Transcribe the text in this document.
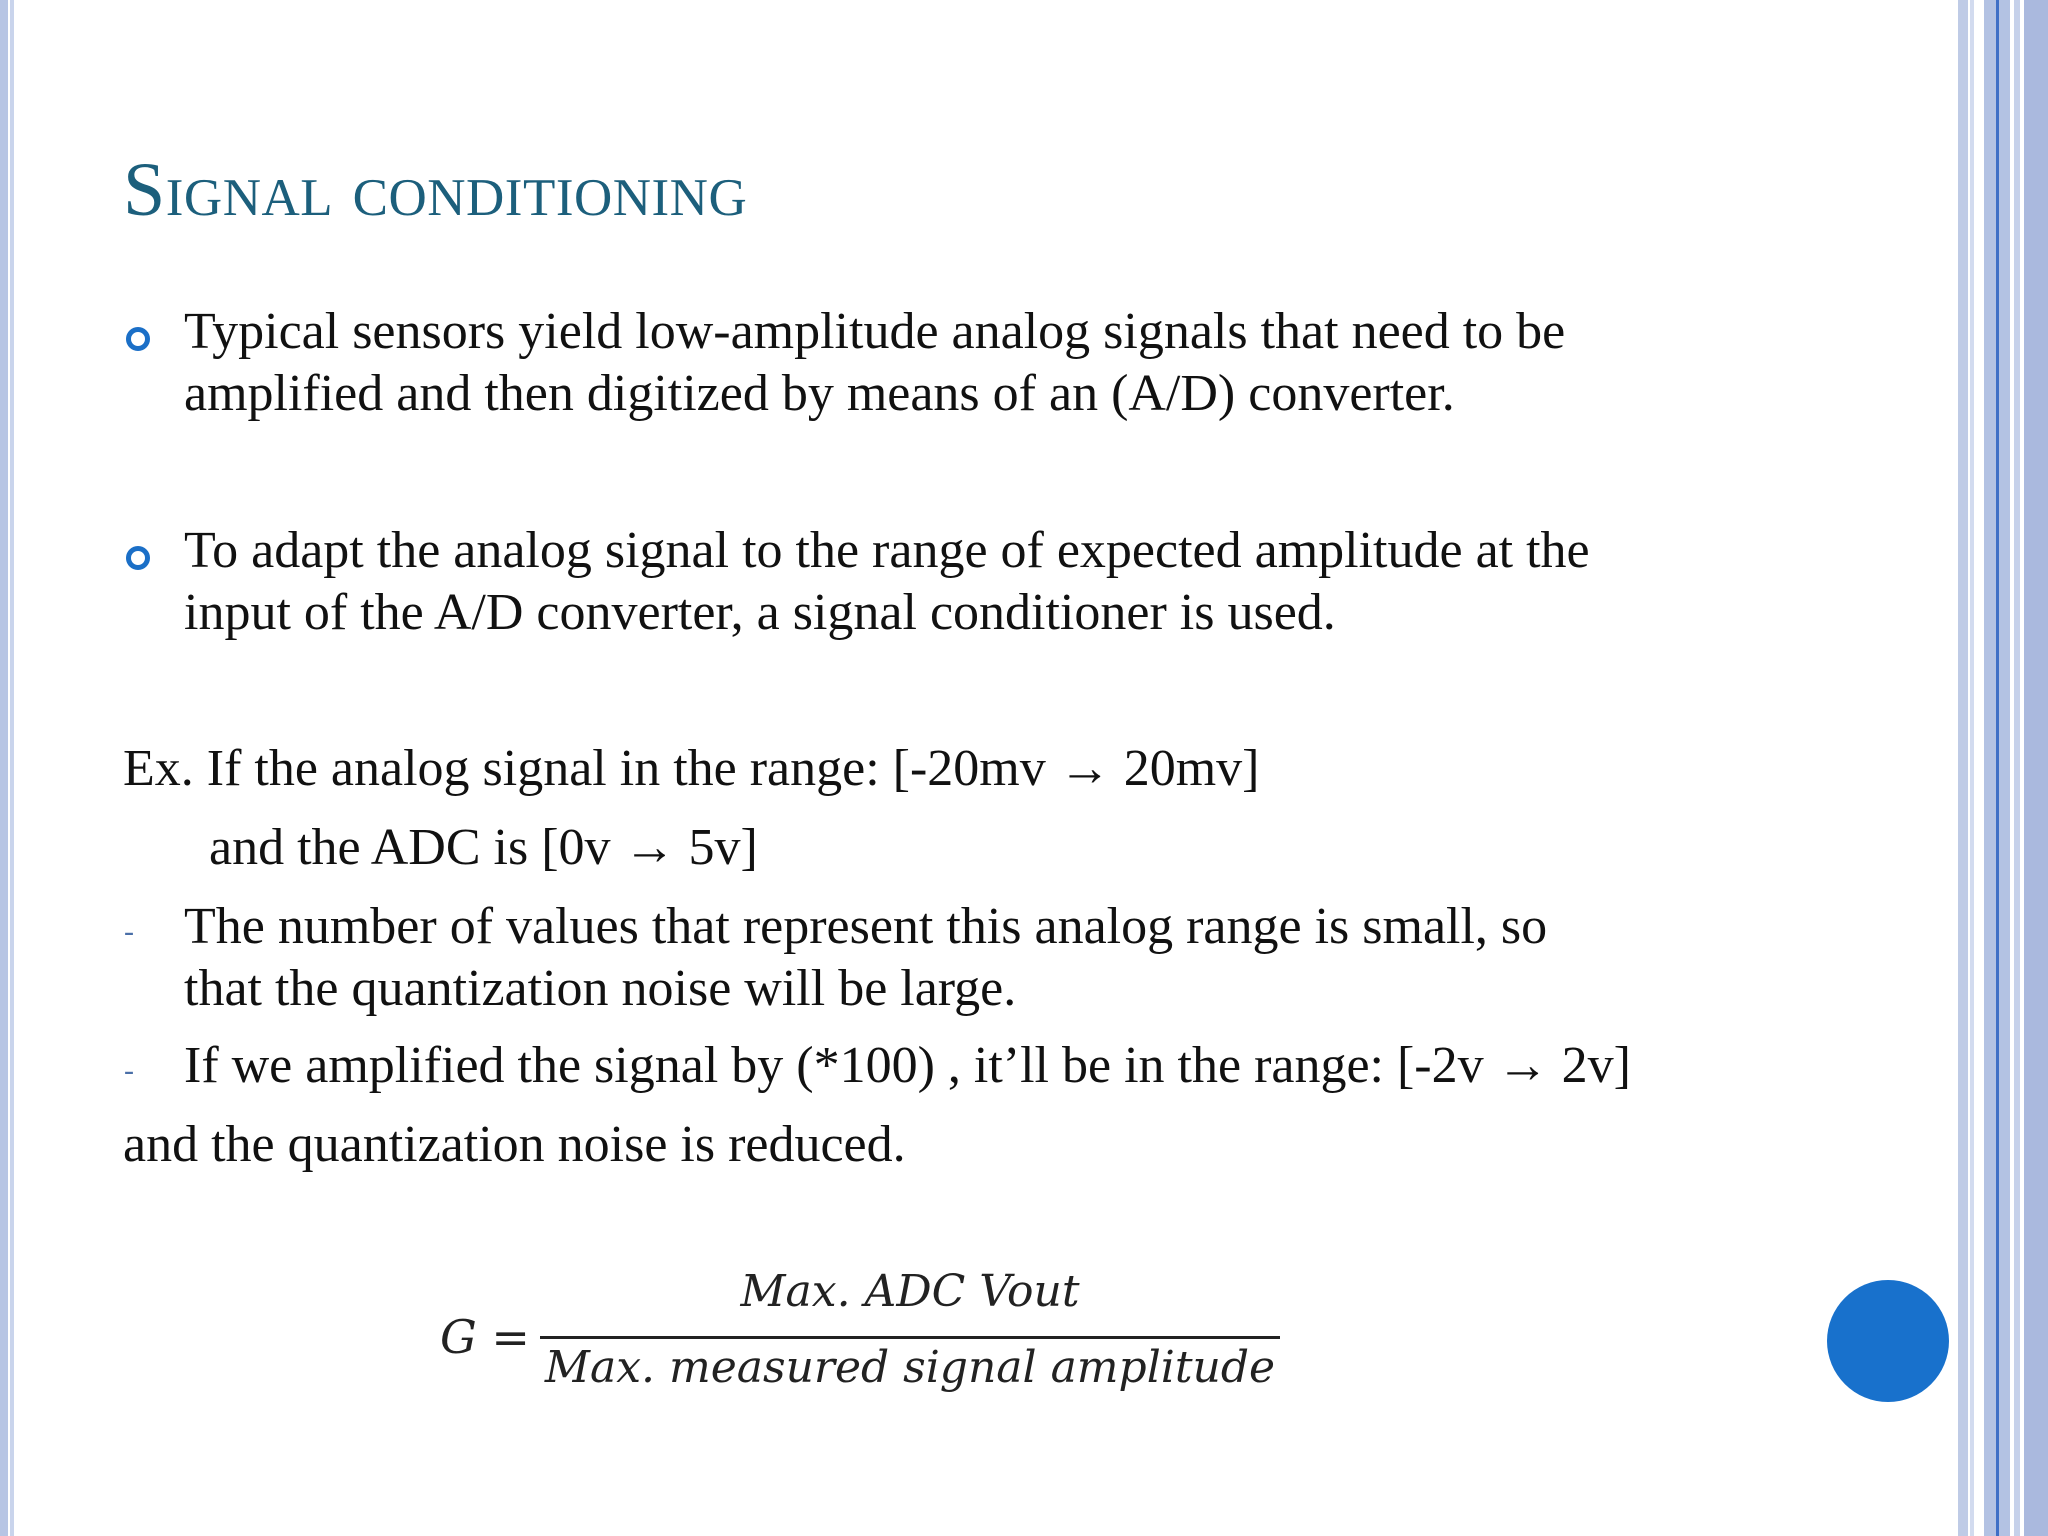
Signal conditioning
Typical sensors yield low-amplitude analog signals that need to be
amplified and then digitized by means of an (A/D) converter.
To adapt the analog signal to the range of expected amplitude at the
input of the A/D converter, a signal conditioner is used.
Ex. If the analog signal in the range: [-20mv → 20mv]
and the ADC is [0v → 5v]
- The number of values that represent this analog range is small, so
that the quantization noise will be large.
- If we amplified the signal by (*100) , it’ll be in the range: [-2v → 2v]
and the quantization noise is reduced.
G =
Max. ADC Vout
Max. measured signal amplitude
